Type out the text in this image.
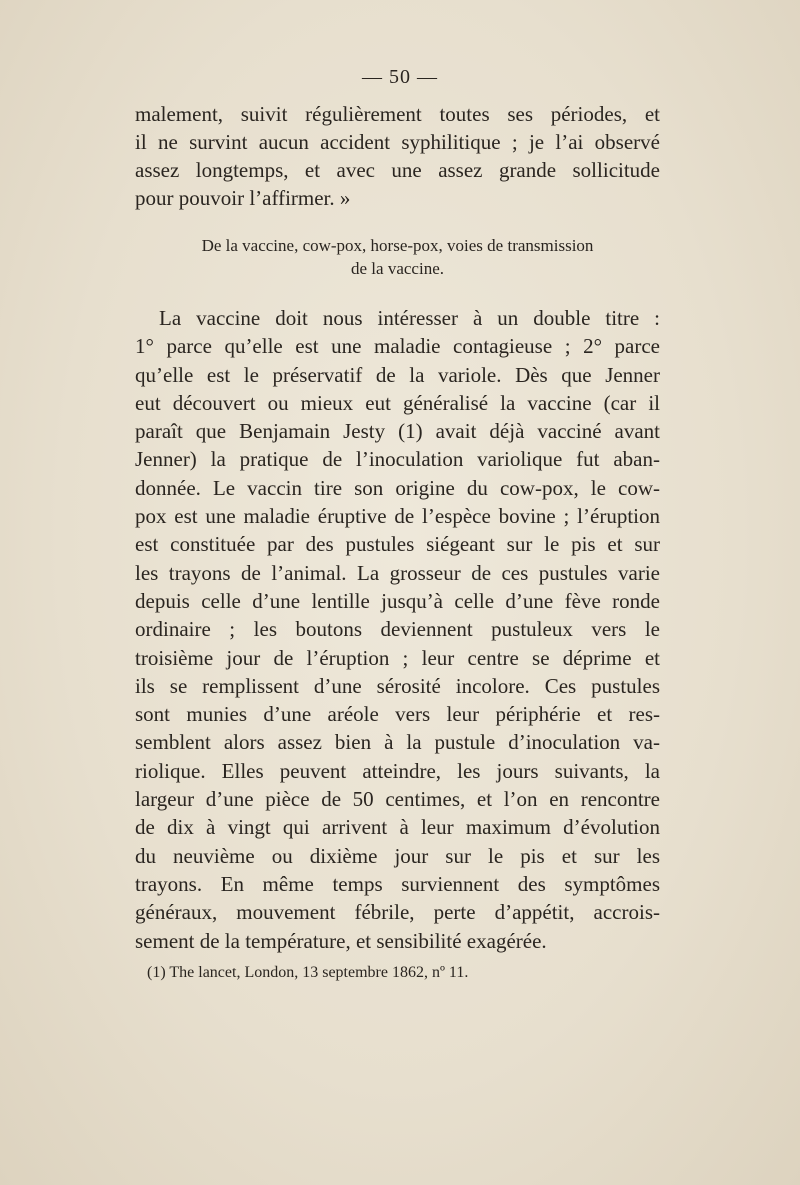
— 50 —
malement, suivit régulièrement toutes ses périodes, et
il ne survint aucun accident syphilitique ; je l’ai observé
assez longtemps, et avec une assez grande sollicitude
pour pouvoir l’affirmer. »
De la vaccine, cow-pox, horse-pox, voies de transmission
de la vaccine.
La vaccine doit nous intéresser à un double titre :
1° parce qu’elle est une maladie contagieuse ; 2° parce
qu’elle est le préservatif de la variole. Dès que Jenner
eut découvert ou mieux eut généralisé la vaccine (car il
paraît que Benjamain Jesty (1) avait déjà vacciné avant
Jenner) la pratique de l’inoculation variolique fut aban-
donnée. Le vaccin tire son origine du cow-pox, le cow-
pox est une maladie éruptive de l’espèce bovine ; l’éruption
est constituée par des pustules siégeant sur le pis et sur
les trayons de l’animal. La grosseur de ces pustules varie
depuis celle d’une lentille jusqu’à celle d’une fève ronde
ordinaire ; les boutons deviennent pustuleux vers le
troisième jour de l’éruption ; leur centre se déprime et
ils se remplissent d’une sérosité incolore. Ces pustules
sont munies d’une aréole vers leur périphérie et res-
semblent alors assez bien à la pustule d’inoculation va-
riolique. Elles peuvent atteindre, les jours suivants, la
largeur d’une pièce de 50 centimes, et l’on en rencontre
de dix à vingt qui arrivent à leur maximum d’évolution
du neuvième ou dixième jour sur le pis et sur les
trayons. En même temps surviennent des symptômes
généraux, mouvement fébrile, perte d’appétit, accrois-
sement de la température, et sensibilité exagérée.
(1) The lancet, London, 13 septembre 1862, nº 11.
